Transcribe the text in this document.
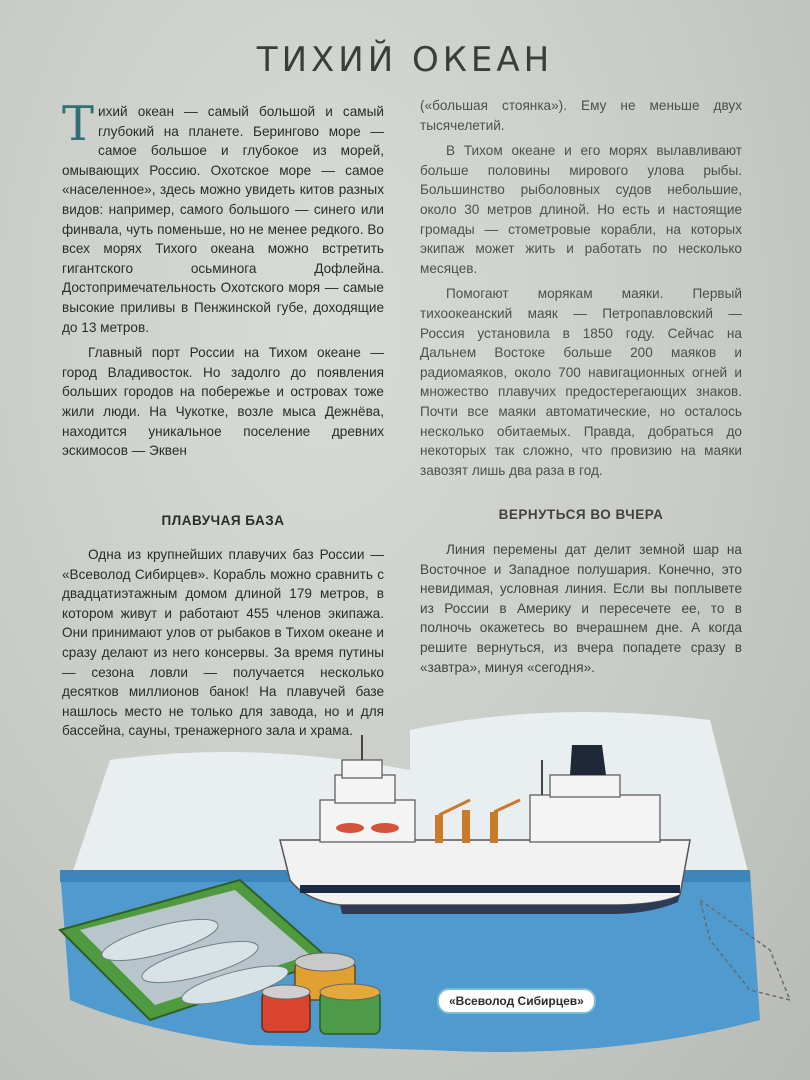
ТИХИЙ ОКЕАН

Тихий океан — самый большой и самый глубокий на планете. Берингово море — самое большое и глубокое из морей, омывающих Россию. Охотское море — самое «населенное», здесь можно увидеть китов разных видов: например, самого большого — синего или финвала, чуть поменьше, но не менее редкого. Во всех морях Тихого океана можно встретить гигантского осьминога Дофлейна. Достопримечательность Охотского моря — самые высокие приливы в Пенжинской губе, доходящие до 13 метров.

Главный порт России на Тихом океане — город Владивосток. Но задолго до появления больших городов на побережье и островах тоже жили люди. На Чукотке, возле мыса Дежнёва, находится уникальное поселение древних эскимосов — Эквен

(«большая стоянка»). Ему не меньше двух тысячелетий.

В Тихом океане и его морях вылавливают больше половины мирового улова рыбы. Большинство рыболовных судов небольшие, около 30 метров длиной. Но есть и настоящие громады — стометровые корабли, на которых экипаж может жить и работать по несколько месяцев.

Помогают морякам маяки. Первый тихоокеанский маяк — Петропавловский — Россия установила в 1850 году. Сейчас на Дальнем Востоке больше 200 маяков и радиомаяков, около 700 навигационных огней и множество плавучих предостерегающих знаков. Почти все маяки автоматические, но осталось несколько обитаемых. Правда, добраться до некоторых так сложно, что провизию на маяки завозят лишь два раза в год.

ПЛАВУЧАЯ БАЗА	ВЕРНУТЬСЯ ВО ВЧЕРА

Одна из крупнейших плавучих баз России — «Всеволод Сибирцев». Корабль можно сравнить с двадцатиэтажным домом длиной 179 метров, в котором живут и работают 455 членов экипажа. Они принимают улов от рыбаков в Тихом океане и сразу делают из него консервы. За время путины — сезона ловли — получается несколько десятков миллионов банок! На плавучей базе нашлось место не только для завода, но и для бассейна, сауны, тренажерного зала и храма.

Линия перемены дат делит земной шар на Восточное и Западное полушария. Конечно, это невидимая, условная линия. Если вы поплывете из России в Америку и пересечете ее, то в полночь окажетесь во вчерашнем дне. А когда решите вернуться, из вчера попадете сразу в «завтра», минуя «сегодня».

«Всеволод Сибирцев»
